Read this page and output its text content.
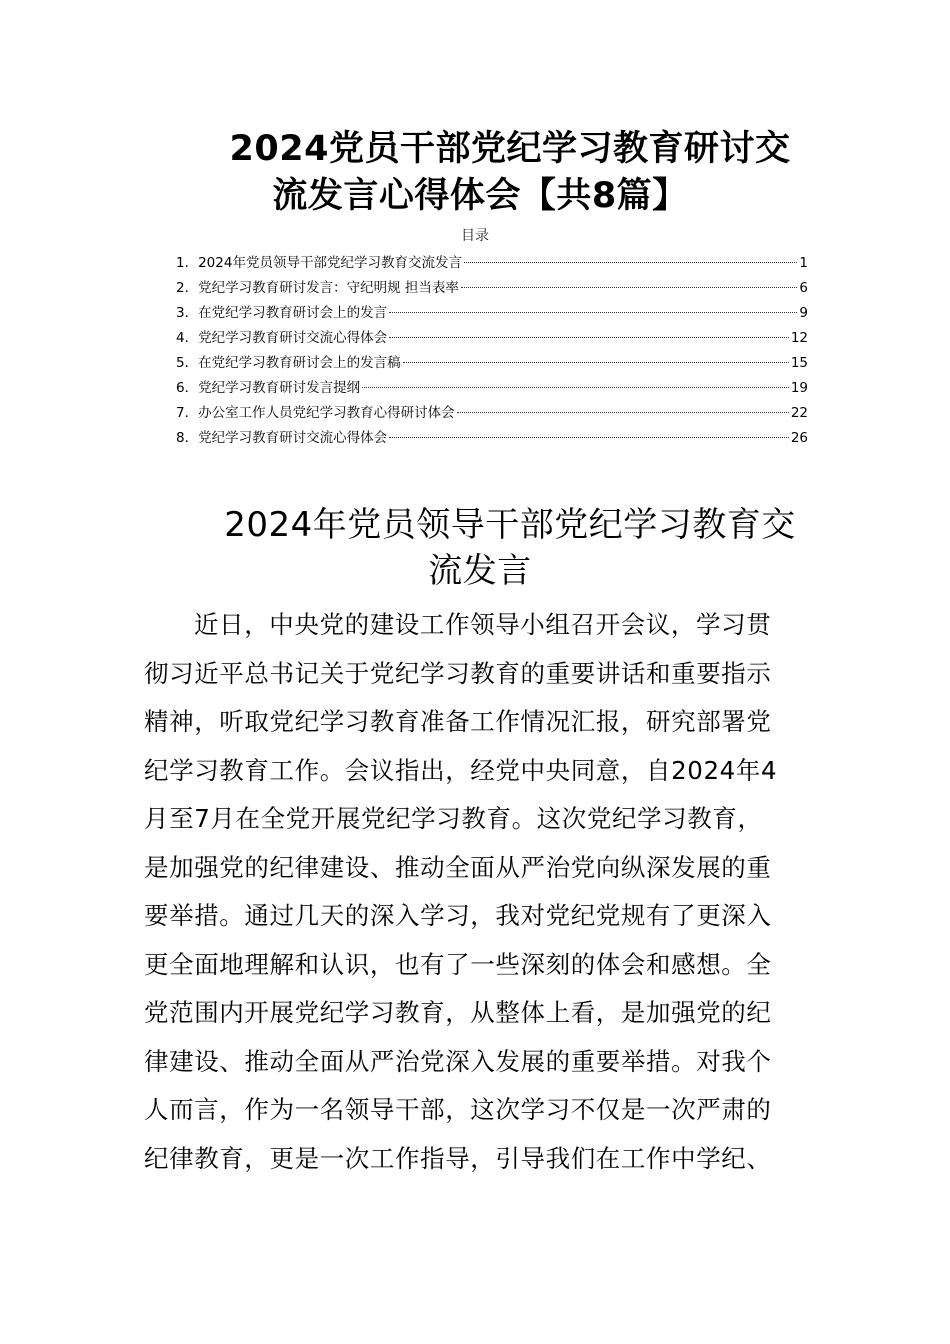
2024党员干部党纪学习教育研讨交
流发言心得体会【共8篇】
目录
1． 2024年党员领导干部党纪学习教育交流发言	1
2． 党纪学习教育研讨发言：守纪明规 担当表率	6
3． 在党纪学习教育研讨会上的发言	9
4． 党纪学习教育研讨交流心得体会	12
5． 在党纪学习教育研讨会上的发言稿	15
6． 党纪学习教育研讨发言提纲	19
7． 办公室工作人员党纪学习教育心得研讨体会	22
8． 党纪学习教育研讨交流心得体会	26
2024年党员领导干部党纪学习教育交
流发言
近日，中央党的建设工作领导小组召开会议，学习贯
彻习近平总书记关于党纪学习教育的重要讲话和重要指示
精神，听取党纪学习教育准备工作情况汇报，研究部署党
纪学习教育工作。会议指出，经党中央同意，自2024年4
月至7月在全党开展党纪学习教育。这次党纪学习教育，
是加强党的纪律建设、推动全面从严治党向纵深发展的重
要举措。通过几天的深入学习，我对党纪党规有了更深入
更全面地理解和认识，也有了一些深刻的体会和感想。全
党范围内开展党纪学习教育，从整体上看，是加强党的纪
律建设、推动全面从严治党深入发展的重要举措。对我个
人而言，作为一名领导干部，这次学习不仅是一次严肃的
纪律教育，更是一次工作指导，引导我们在工作中学纪、
